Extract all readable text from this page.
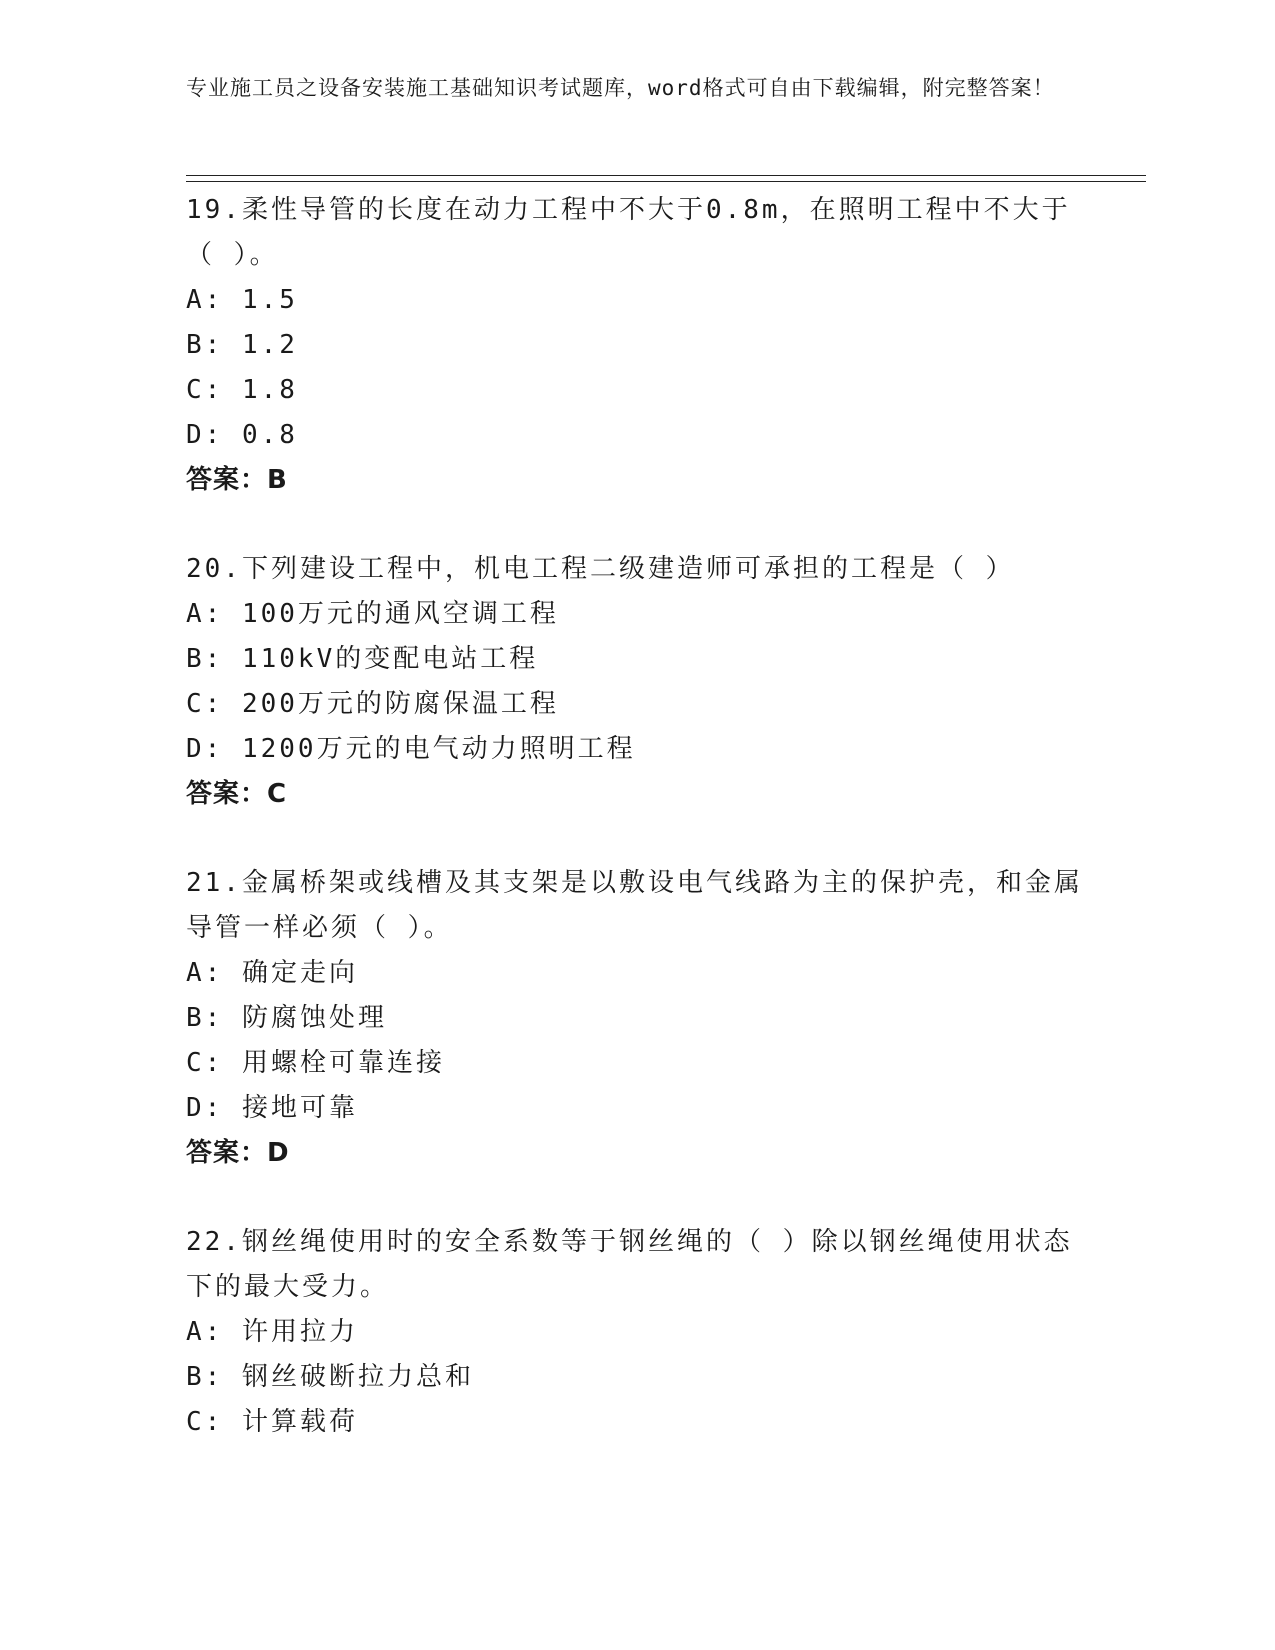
专业施工员之设备安装施工基础知识考试题库，word格式可自由下载编辑，附完整答案！
19.柔性导管的长度在动力工程中不大于0.8m，在照明工程中不大于（ ）。
A: 1.5
B: 1.2
C: 1.8
D: 0.8
答案：B
20.下列建设工程中，机电工程二级建造师可承担的工程是（ ）
A: 100万元的通风空调工程
B: 110kV的变配电站工程
C: 200万元的防腐保温工程
D: 1200万元的电气动力照明工程
答案：C
21.金属桥架或线槽及其支架是以敷设电气线路为主的保护壳，和金属导管一样必须（ ）。
A: 确定走向
B: 防腐蚀处理
C: 用螺栓可靠连接
D: 接地可靠
答案：D
22.钢丝绳使用时的安全系数等于钢丝绳的（ ）除以钢丝绳使用状态下的最大受力。
A: 许用拉力
B: 钢丝破断拉力总和
C: 计算载荷
